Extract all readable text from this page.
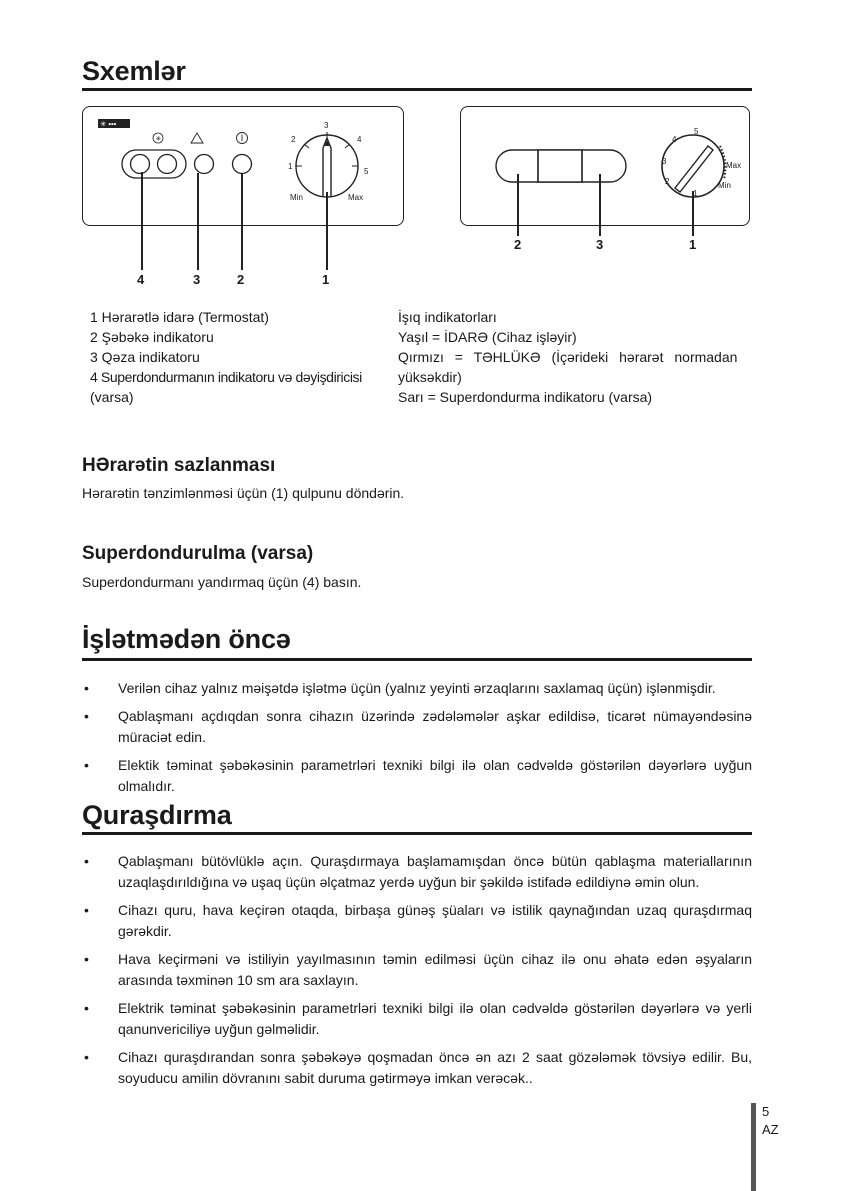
Sxemlər
✳ ▪▪▪
✳
1
2
3
4
5
Min	Max
4	3	2	1
1
2
3
4
5
Max
Min
2	3	1
1 Hərarətlə idarə (Termostat)
2 Şəbəkə indikatoru
3 Qəza indikatoru
4 Superdondurmanın indikatoru və dəyişdiricisi
(varsa)
İşıq indikatorları
Yaşıl = İDARƏ (Cihaz işləyir)
Qırmızı = TƏHLÜKƏ (İçərideki hərarət normadan
yüksəkdir)
Sarı = Superdondurma indikatoru (varsa)
HƏrarətin sazlanması

Hərarətin tənzimlənməsi üçün (1) qulpunu döndərin.

Superdondurulma (varsa)

Superdondurmanı yandırmaq üçün (4) basın.

İşlətmədən öncə
• Verilən cihaz yalnız məişətdə işlətmə üçün (yalnız yeyinti ərzaqlarını saxlamaq üçün) işlənmişdir.
• Qablaşmanı açdıqdan sonra cihazın üzərində zədələmələr aşkar edildisə, ticarət nümayəndəsinə müraciət edin.
• Elektik təminat şəbəkəsinin parametrləri texniki bilgi ilə olan cədvəldə göstərilən dəyərlərə uyğun olmalıdır.
Quraşdırma
• Qablaşmanı bütövlüklə açın. Quraşdırmaya başlamamışdan öncə bütün qablaşma materiallarının uzaqlaşdırıldığına və uşaq üçün əlçatmaz yerdə uyğun bir şəkildə istifadə edildiynə əmin olun.
• Cihazı quru, hava keçirən otaqda, birbaşa günəş şüaları və istilik qaynağından uzaq quraşdırmaq gərəkdir.
• Hava keçirməni və istiliyin yayılmasının təmin edilməsi üçün cihaz ilə onu əhatə edən əşyaların arasında təxminən 10 sm ara saxlayın.
• Elektrik təminat şəbəkəsinin parametrləri texniki bilgi ilə olan cədvəldə göstərilən dəyərlərə və yerli qanunvericiliyə uyğun gəlməlidir.
• Cihazı quraşdırandan sonra şəbəkəyə qoşmadan öncə ən azı 2 saat gözələmək tövsiyə edilir. Bu, soyuducu amilin dövranını sabit duruma gətirməyə imkan verəcək..
5
AZ
